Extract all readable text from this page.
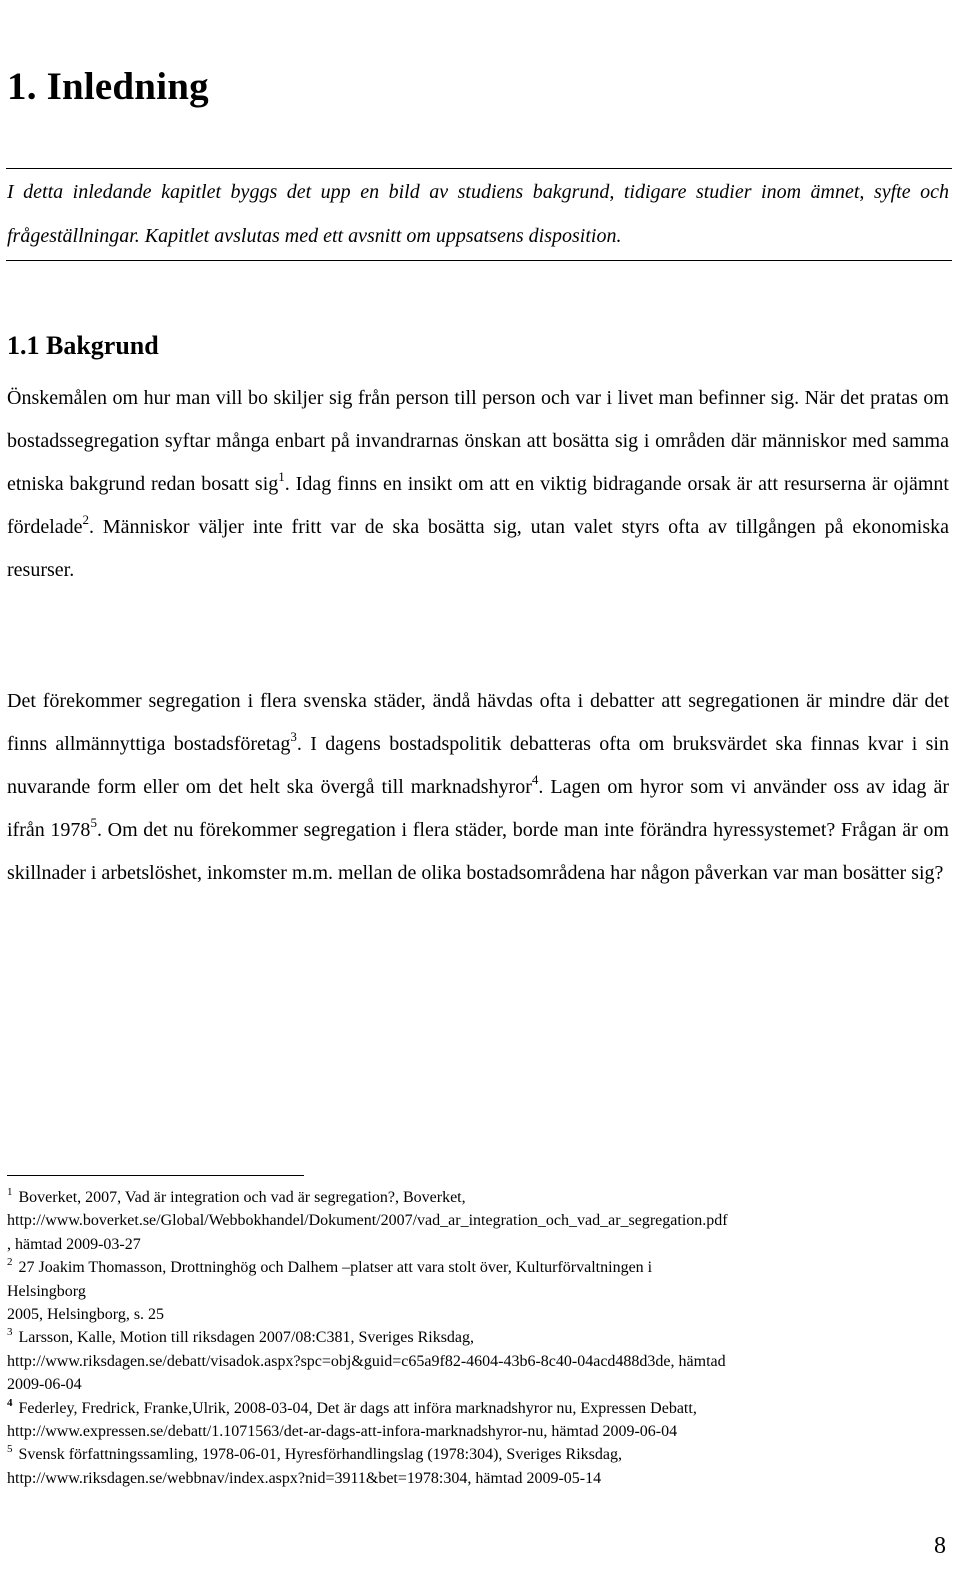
1. Inledning

I detta inledande kapitlet byggs det upp en bild av studiens bakgrund, tidigare studier inom ämnet, syfte och frågeställningar. Kapitlet avslutas med ett avsnitt om uppsatsens disposition.

1.1 Bakgrund

Önskemålen om hur man vill bo skiljer sig från person till person och var i livet man befinner sig. När det pratas om bostadssegregation syftar många enbart på invandrarnas önskan att bosätta sig i områden där människor med samma etniska bakgrund redan bosatt sig$^1$. Idag finns en insikt om att en viktig bidragande orsak är att resurserna är ojämnt fördelade$^2$. Människor väljer inte fritt var de ska bosätta sig, utan valet styrs ofta av tillgången på ekonomiska resurser.

Det förekommer segregation i flera svenska städer, ändå hävdas ofta i debatter att segregationen är mindre där det finns allmännyttiga bostadsföretag$^3$. I dagens bostadspolitik debatteras ofta om bruksvärdet ska finnas kvar i sin nuvarande form eller om det helt ska övergå till marknadshyror$^4$. Lagen om hyror som vi använder oss av idag är ifrån 1978$^5$. Om det nu förekommer segregation i flera städer, borde man inte förändra hyressystemet? Frågan är om skillnader i arbetslöshet, inkomster m.m. mellan de olika bostadsområdena har någon påverkan var man bosätter sig?

$^1$ Boverket, 2007, Vad är integration och vad är segregation?, Boverket,

http://www.boverket.se/Global/Webbokhandel/Dokument/2007/vad_ar_integration_och_vad_ar_segregation.pdf

, hämtad 2009-03-27

$^2$ 27 Joakim Thomasson, Drottninghög och Dalhem –platser att vara stolt över, Kulturförvaltningen i

Helsingborg

2005, Helsingborg, s. 25

$^3$ Larsson, Kalle, Motion till riksdagen 2007/08:C381, Sveriges Riksdag,

http://www.riksdagen.se/debatt/visadok.aspx?spc=obj&guid=c65a9f82-4604-43b6-8c40-04acd488d3de, hämtad

2009-06-04

$^4$ Federley, Fredrick, Franke,Ulrik, 2008-03-04, Det är dags att införa marknadshyror nu, Expressen Debatt,

http://www.expressen.se/debatt/1.1071563/det-ar-dags-att-infora-marknadshyror-nu, hämtad 2009-06-04

$^5$ Svensk författningssamling, 1978-06-01, Hyresförhandlingslag (1978:304), Sveriges Riksdag,

http://www.riksdagen.se/webbnav/index.aspx?nid=3911&bet=1978:304, hämtad 2009-05-14

8
